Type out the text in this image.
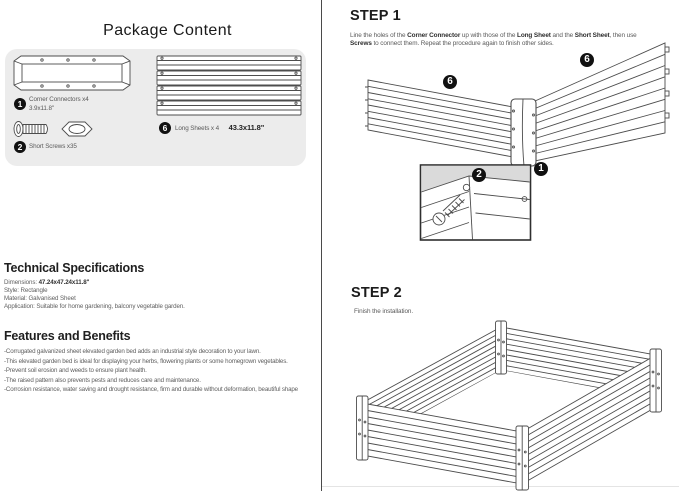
Package Content
1	Corner Connectors x4
3.9x11.8"
2	Short Screws x35
6	Long Sheets x 4 43.3x11.8"
Technical Specifications
Dimensions: 47.24x47.24x11.8"
Style: Rectangle
Material: Galvanised Sheet
Application: Suitable for home gardening, balcony vegetable garden.
Features and Benefits
-Corrugated galvanized sheet elevated garden bed adds an industrial style decoration to your lawn.
-This elevated garden bed is ideal for displaying your herbs, flowering plants or some homegrown vegetables.
-Prevent soil erosion and weeds to ensure plant health.
-The raised pattern also prevents pests and reduces care and maintenance.
-Corrosion resistance, water saving and drought resistance, firm and durable without deformation, beautiful shape
STEP 1
Line the holes of the Corner Connector up with those of the Long Sheet and the Short Sheet, then use Screws to connect them. Repeat the procedure again to finish other sides.
6
6
1
2
STEP 2
Finish the installation.
